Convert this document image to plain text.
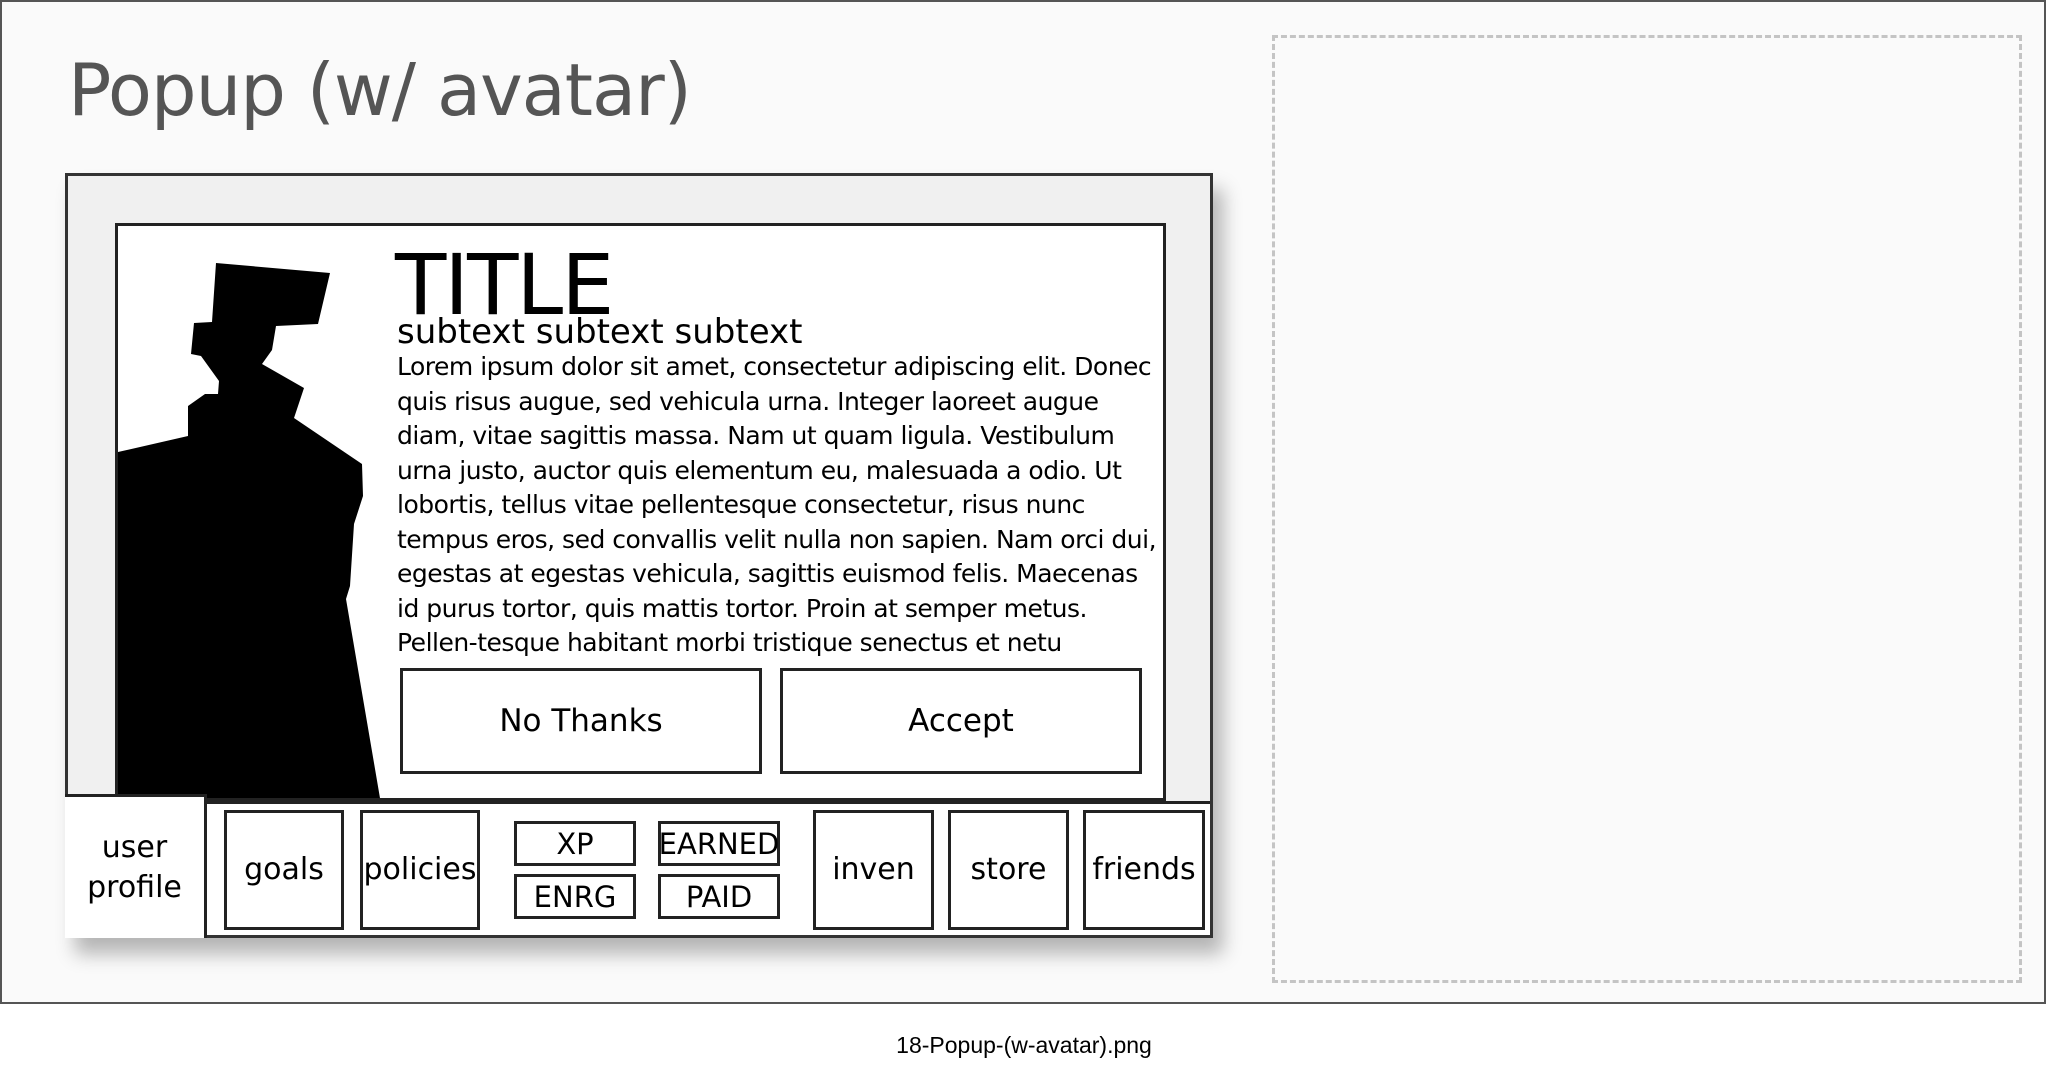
Popup (w/ avatar)
TITLE
subtext subtext subtext
Lorem ipsum dolor sit amet, consectetur adipiscing elit. Donec quis risus augue, sed vehicula urna. Integer laoreet augue diam, vitae sagittis massa. Nam ut quam ligula. Vestibulum urna justo, auctor quis elementum eu, malesuada a odio. Ut lobortis, tellus vitae pellentesque consectetur, risus nunc tempus eros, sed convallis velit nulla non sapien. Nam orci dui, egestas at egestas vehicula, sagittis euismod felis. Maecenas id purus tortor, quis mattis tortor. Proin at semper metus. Pellen-tesque habitant morbi tristique senectus et netu
No Thanks	Accept
user profile goals policies
XP	EARNED
ENRG	PAID
inven store friends
18-Popup-(w-avatar).png
